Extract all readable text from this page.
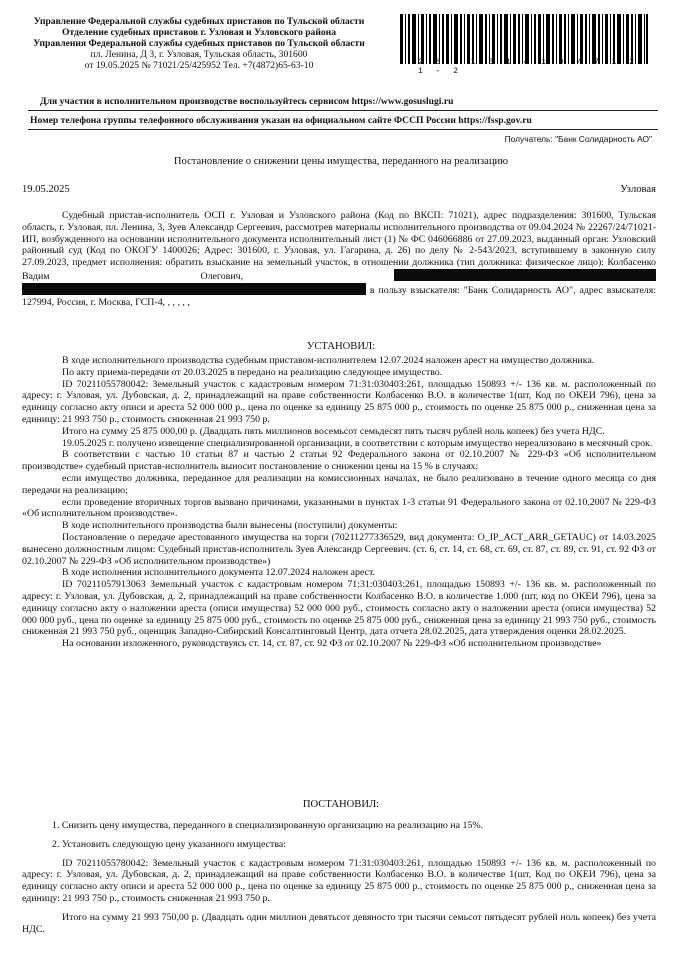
Управление Федеральной службы судебных приставов по Тульской области
Отделение судебных приставов г. Узловая и Узловского района
Управления Федеральной службы судебных приставов по Тульской области
пл. Ленина, Д 3, г. Узловая, Тульская область, 301600
от 19.05.2025 № 71021/25/425952 Тел. +7(4872)65-63-10	2 8 1 1 6 1 4 1 0 / 7 1 2 1 - 2
Для участия в исполнительном производстве воспользуйтесь сервисом https://www.gosuslugi.ru
Номер телефона группы телефонного обслуживания указан на официальном сайте ФССП России https://fssp.gov.ru
Получатель: "Банк Солидарность АО"
Постановление о снижении цены имущества, переданного на реализацию
19.05.2025	Узловая

Судебный пристав-исполнитель ОСП г. Узловая и Узловского района (Код по ВКСП: 71021), адрес подразделения: 301600, Тульская область, г. Узловая, пл. Ленина, 3, Зуев Александр Сергеевич, рассмотрев материалы исполнительного производства от 09.04.2024 № 22267/24/71021-ИП, возбужденного на основании исполнительного документа исполнительный лист (1) № ФС 046066886 от 27.09.2023, выданный орган: Узловский районный суд (Код по ОКОГУ 1400026; Адрес: 301600, г. Узловая, ул. Гагарина, д. 26) по делу № 2-543/2023, вступившему в законную силу 27.09.2023, предмет исполнения: обратить взыскание на земельный участок, в отношении должника (тип должника: физическое лицо): Колбасенко Вадим Олегович,   в пользу взыскателя: "Банк Солидарность АО", адрес взыскателя: 127994, Россия, г. Москва, ГСП-4, , , , , ,

УСТАНОВИЛ:

В ходе исполнительного производства судебным приставом-исполнителем 12.07.2024 наложен арест на имущество должника.

По акту приема-передачи от 20.03.2025 в передано на реализацию следующее имущество.

ID 70211055780042: Земельный участок с кадастровым номером 71:31:030403:261, площадью 150893 +/- 136 кв. м. расположенный по адресу: г. Узловая, ул. Дубовская, д. 2, принадлежащий на праве собственности Колбасенко В.О. в количестве 1(шт, Код по ОКЕИ 796), цена за единицу согласно акту описи и ареста 52 000 000 р., цена по оценке за единицу 25 875 000 р., стоимость по оценке 25 875 000 р., сниженная цена за единицу: 21 993 750 р., стоимость сниженная 21 993 750 р.

Итого на сумму 25 875 000,00 р. (Двадцать пять миллионов восемьсот семьдесят пять тысяч рублей ноль копеек) без учета НДС.

19.05.2025 г. получено извещение специализированной организации, в соответствии с которым имущество нереализовано в месячный срок.

В соответствии с частью 10 статьи 87 и частью 2 статьи 92 Федерального закона от 02.10.2007 № 229-ФЗ «Об исполнительном производстве» судебный пристав-исполнитель выносит постановление о снижении цены на 15 % в случаях:

если имущество должника, переданное для реализации на комиссионных началах, не было реализовано в течение одного месяца со дня передачи на реализацию;

если проведение вторичных торгов вызвано причинами, указанными в пунктах 1-3 статьи 91 Федерального закона от 02.10.2007 № 229-ФЗ «Об исполнительном производстве».

В ходе исполнительного производства были вынесены (поступили) документы:

Постановление о передаче арестованного имущества на торги (70211277336529, вид документа: O_IP_ACT_ARR_GETAUC) от 14.03.2025 вынесено должностным лицом: Судебный пристав-исполнитель Зуев Александр Сергеевич. (ст. 6, ст. 14, ст. 68, ст. 69, ст. 87, ст. 89, ст. 91, ст. 92 ФЗ от 02.10.2007 № 229-ФЗ «Об исполнительном производстве»)

В ходе исполнения исполнительного документа 12.07.2024 наложен арест.

ID 70211057913063 Земельный участок с кадастровым номером 71:31:030403:261, площадью 150893 +/- 136 кв. м. расположенный по адресу: г. Узловая, ул. Дубовская, д. 2, принадлежащий на праве собственности Колбасенко В.О. в количестве 1.000 (шт, код по ОКЕИ 796), цена за единицу согласно акту о наложении ареста (описи имущества) 52 000 000 руб., стоимость согласно акту о наложении ареста (описи имущества) 52 000 000 руб., цена по оценке за единицу 25 875 000 руб., стоимость по оценке 25 875 000 руб., сниженная цена за единицу 21 993 750 руб., стоимость сниженная 21 993 750 руб., оценщик Западно-Сибирский Консалтинговый Центр, дата отчета 28.02.2025, дата утверждения оценки 28.02.2025.

На основании изложенного, руководствуясь ст. 14, ст. 87, ст. 92 ФЗ от 02.10.2007 № 229-ФЗ «Об исполнительном производстве»

ПОСТАНОВИЛ:

1. Снизить цену имущества, переданного в специализированную организацию на реализацию на 15%.

2. Установить следующую цену указанного имущества:

ID 70211055780042: Земельный участок с кадастровым номером 71:31:030403:261, площадью 150893 +/- 136 кв. м. расположенный по адресу: г. Узловая, ул. Дубовская, д. 2, принадлежащий на праве собственности Колбасенко В.О. в количестве 1(шт, Код по ОКЕИ 796), цена за единицу согласно акту описи и ареста 52 000 000 р., цена по оценке за единицу 25 875 000 р., стоимость по оценке 25 875 000 р., сниженная цена за единицу: 21 993 750 р., стоимость сниженная 21 993 750 р.

Итого на сумму 21 993 750,00 р. (Двадцать один миллион девятьсот девяносто три тысячи семьсот пятьдесят рублей ноль копеек) без учета НДС.
